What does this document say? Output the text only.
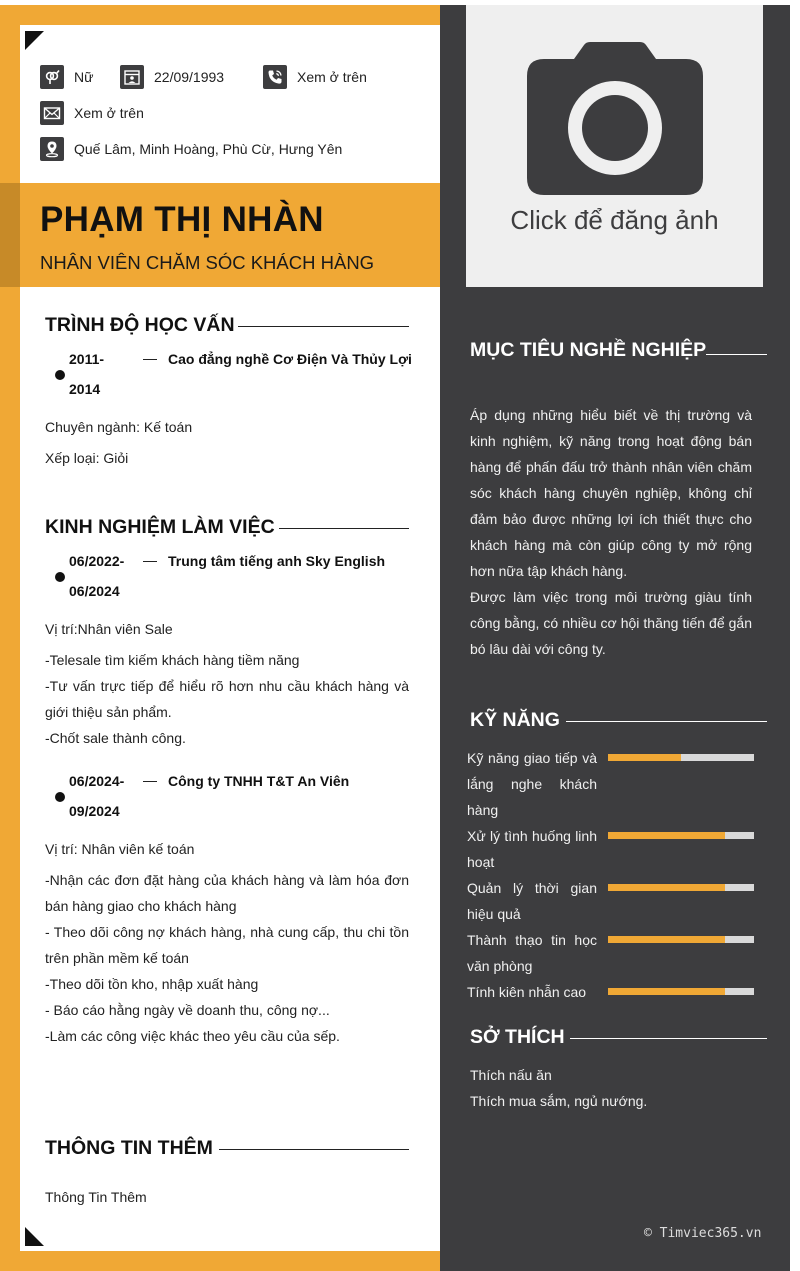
Nữ	22/09/1993	Xem ở trên
Xem ở trên
Quế Lâm, Minh Hoàng, Phù Cừ, Hưng Yên
PHẠM THỊ NHÀN
NHÂN VIÊN CHĂM SÓC KHÁCH HÀNG
Click để đăng ảnh
TRÌNH ĐỘ HỌC VẤN
2011-
2014
Cao đẳng nghề Cơ Điện Và Thủy Lợi
Chuyên ngành: Kế toán
Xếp loại: Giỏi
KINH NGHIỆM LÀM VIỆC
06/2022-
06/2024
Trung tâm tiếng anh Sky English
Vị trí:Nhân viên Sale
-Telesale tìm kiếm khách hàng tiềm năng
-Tư vấn trực tiếp để hiểu rõ hơn nhu cầu khách hàng và giới thiệu sản phẩm.
-Chốt sale thành công.
06/2024-
09/2024
Công ty TNHH T&T An Viên
Vị trí: Nhân viên kế toán
-Nhận các đơn đặt hàng của khách hàng và làm hóa đơn bán hàng giao cho khách hàng
- Theo dõi công nợ khách hàng, nhà cung cấp, thu chi tồn trên phần mềm kế toán
-Theo dõi tồn kho, nhập xuất hàng
- Báo cáo hằng ngày về doanh thu, công nợ...
-Làm các công việc khác theo yêu cầu của sếp.
THÔNG TIN THÊM
Thông Tin Thêm
MỤC TIÊU NGHỀ NGHIỆP
Áp dụng những hiểu biết về thị trường và kinh nghiệm, kỹ năng trong hoạt động bán hàng để phấn đấu trở thành nhân viên chăm sóc khách hàng chuyên nghiệp, không chỉ đảm bảo được những lợi ích thiết thực cho khách hàng mà còn giúp công ty mở rộng hơn nữa tập khách hàng.
Được làm việc trong môi trường giàu tính công bằng, có nhiều cơ hội thăng tiến để gắn bó lâu dài với công ty.
KỸ NĂNG
Kỹ năng giao tiếp và lắng nghe khách hàng
Xử lý tình huống linh hoạt
Quản lý thời gian hiệu quả
Thành thạo tin học văn phòng
Tính kiên nhẫn cao
SỞ THÍCH
Thích nấu ăn
Thích mua sắm, ngủ nướng.
© Timviec365.vn
